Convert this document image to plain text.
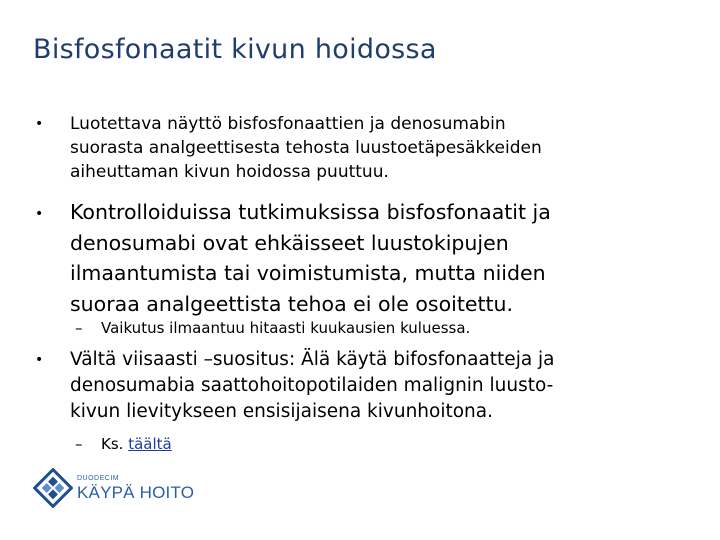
Bisfosfonaatit kivun hoidossa
•	Luotettava näyttö bisfosfonaattien ja denosumabin
suorasta analgeettisesta tehosta luustoetäpesäkkeiden
aiheuttaman kivun hoidossa puuttuu.
•	Kontrolloiduissa tutkimuksissa bisfosfonaatit ja
denosumabi ovat ehkäisseet luustokipujen
ilmaantumista tai voimistumista, mutta niiden
suoraa analgeettista tehoa ei ole osoitettu.
–	Vaikutus ilmaantuu hitaasti kuukausien kuluessa.
•	Vältä viisaasti –suositus: Älä käytä bifosfonaatteja ja
denosumabia saattohoitopotilaiden malignin luusto-
kivun lievitykseen ensisijaisena kivunhoitona.
–	Ks. täältä
DUODECIM
KÄYPÄ HOITO
